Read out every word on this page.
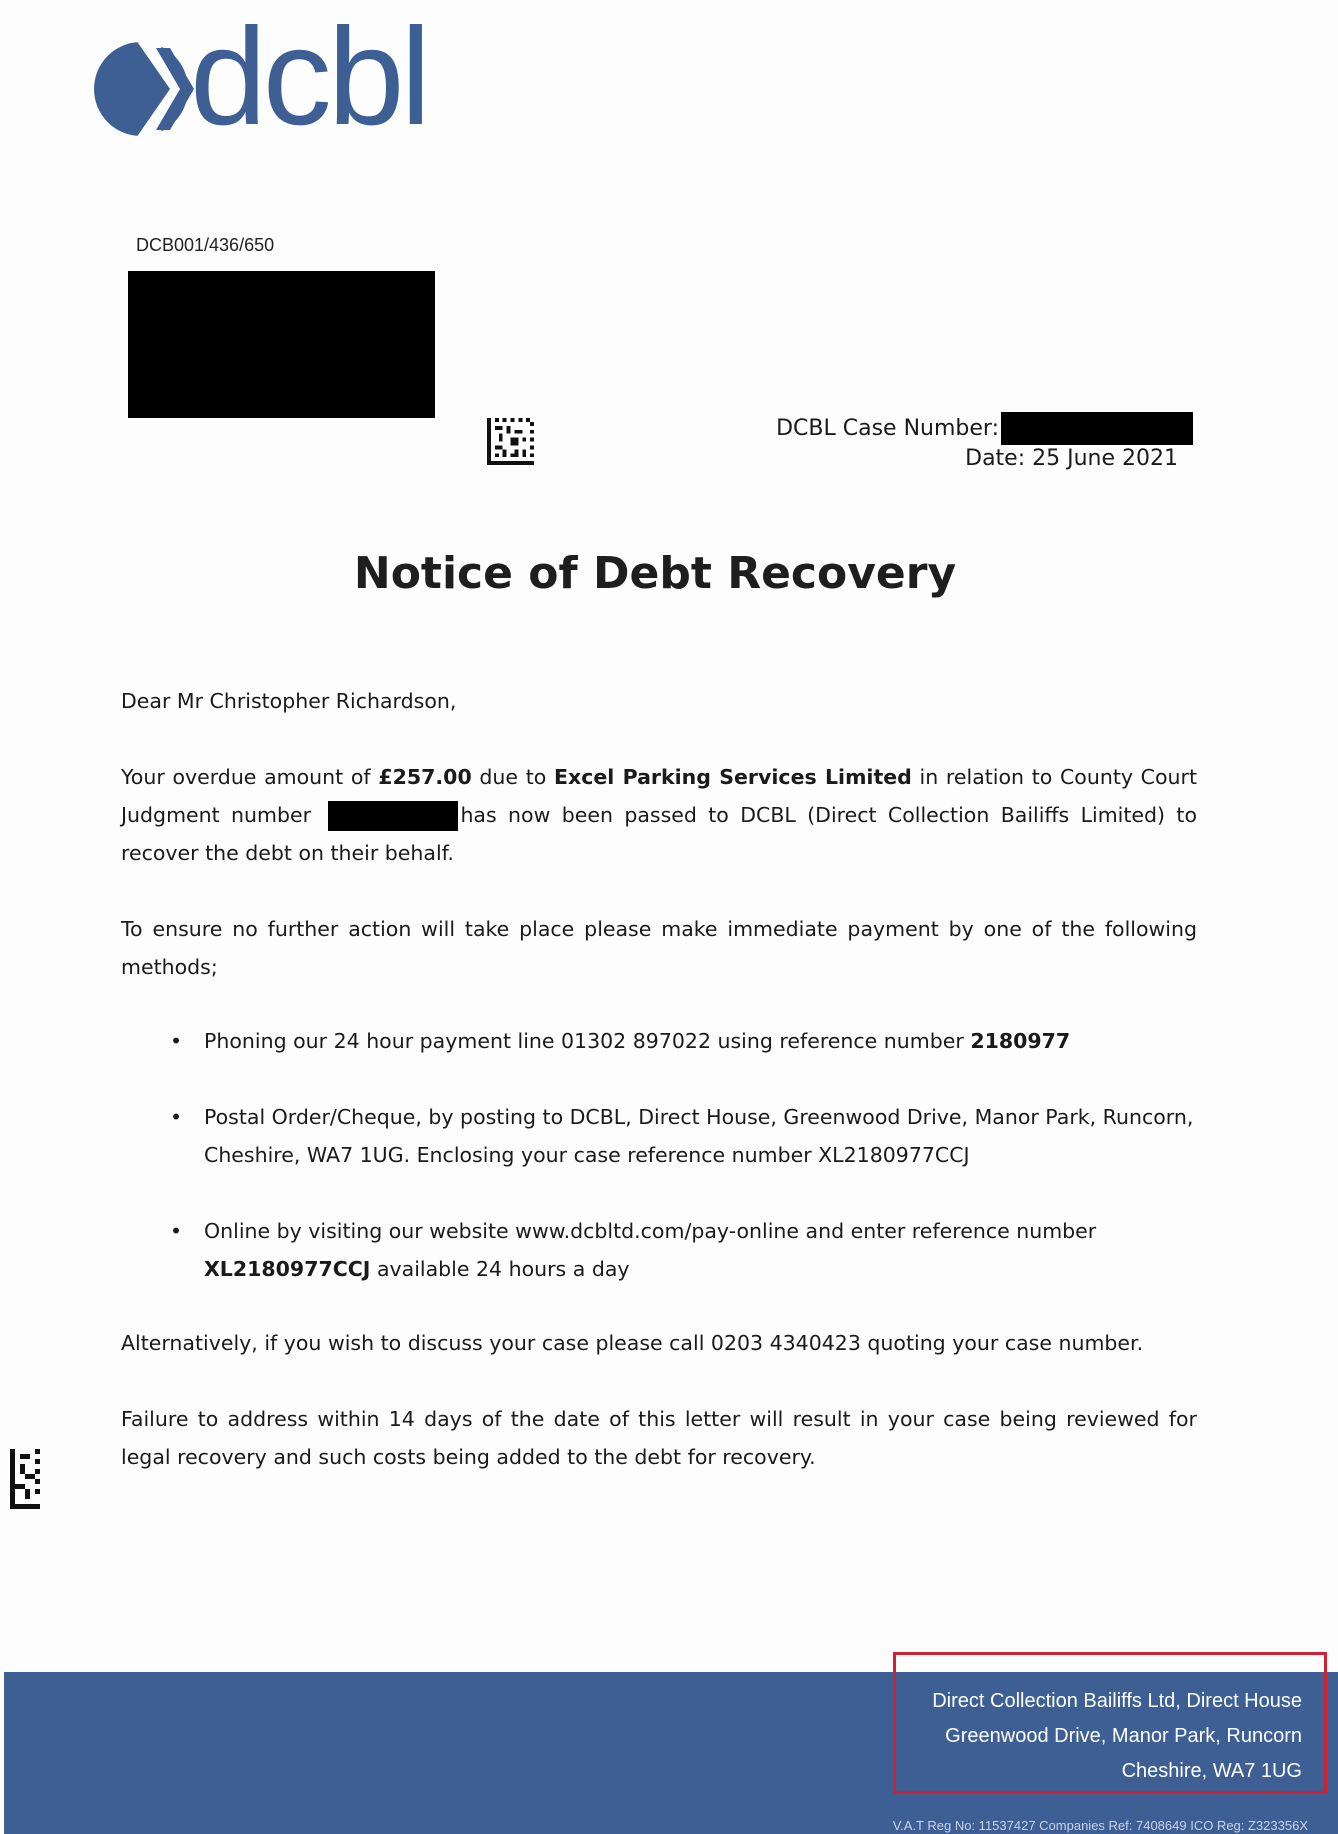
dcbl
DCB001/436/650
DCBL Case Number:
Date: 25 June 2021
Notice of Debt Recovery
Dear Mr Christopher Richardson,
Your overdue amount of £257.00 due to Excel Parking Services Limited in relation to County Court Judgment number	has now been passed to DCBL (Direct Collection Bailiffs Limited) to recover the debt on their behalf.
To ensure no further action will take place please make immediate payment by one of the following methods;
• Phoning our 24 hour payment line 01302 897022 using reference number 2180977
• Postal Order/Cheque, by posting to DCBL, Direct House, Greenwood Drive, Manor Park, Runcorn, Cheshire, WA7 1UG. Enclosing your case reference number XL2180977CCJ
• Online by visiting our website www.dcbltd.com/pay-online and enter reference number XL2180977CCJ available 24 hours a day
Alternatively, if you wish to discuss your case please call 0203 4340423 quoting your case number.
Failure to address within 14 days of the date of this letter will result in your case being reviewed for legal recovery and such costs being added to the debt for recovery.
Direct Collection Bailiffs Ltd, Direct House
Greenwood Drive, Manor Park, Runcorn
Cheshire, WA7 1UG
V.A.T Reg No: 11537427 Companies Ref: 7408649 ICO Reg: Z323356X
